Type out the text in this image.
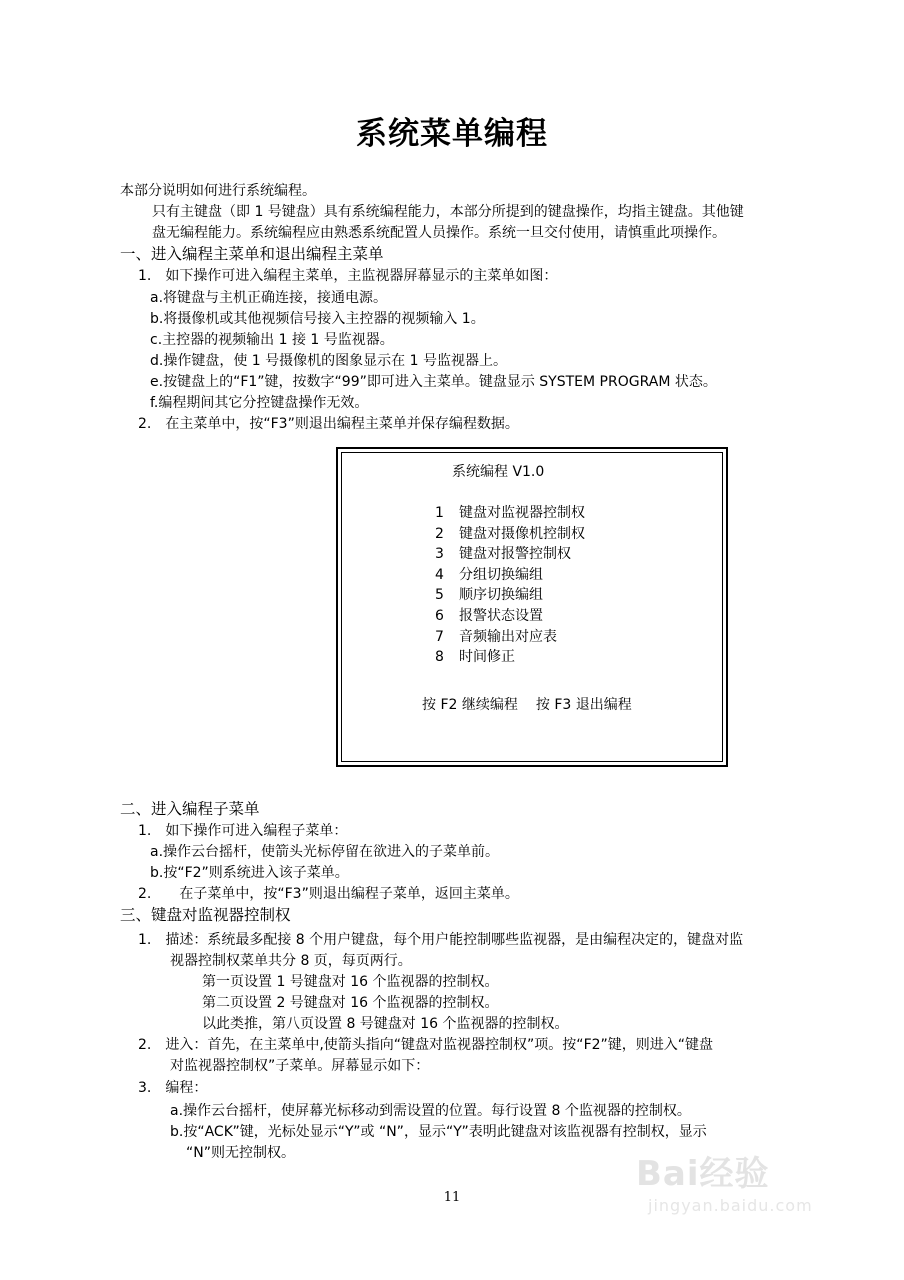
系统菜单编程
本部分说明如何进行系统编程。
只有主键盘（即 1 号键盘）具有系统编程能力，本部分所提到的键盘操作，均指主键盘。其他键
盘无编程能力。系统编程应由熟悉系统配置人员操作。系统一旦交付使用，请慎重此项操作。
一、进入编程主菜单和退出编程主菜单
1.　如下操作可进入编程主菜单，主监视器屏幕显示的主菜单如图：
a.将键盘与主机正确连接，接通电源。
b.将摄像机或其他视频信号接入主控器的视频输入 1。
c.主控器的视频输出 1 接 1 号监视器。
d.操作键盘，使 1 号摄像机的图象显示在 1 号监视器上。
e.按键盘上的“F1”键，按数字“99”即可进入主菜单。键盘显示 SYSTEM PROGRAM 状态。
f.编程期间其它分控键盘操作无效。
2.　在主菜单中，按“F3”则退出编程主菜单并保存编程数据。
系统编程 V1.0
1 键盘对监视器控制权
2 键盘对摄像机控制权
3 键盘对报警控制权
4 分组切换编组
5 顺序切换编组
6 报警状态设置
7 音频输出对应表
8 时间修正
按 F2 继续编程 按 F3 退出编程
二、进入编程子菜单
1.　如下操作可进入编程子菜单：
a.操作云台摇杆，使箭头光标停留在欲进入的子菜单前。
b.按“F2”则系统进入该子菜单。
2.　　在子菜单中，按“F3”则退出编程子菜单，返回主菜单。
三、键盘对监视器控制权
1.　描述：系统最多配接 8 个用户键盘，每个用户能控制哪些监视器，是由编程决定的，键盘对监
视器控制权菜单共分 8 页，每页两行。
第一页设置 1 号键盘对 16 个监视器的控制权。
第二页设置 2 号键盘对 16 个监视器的控制权。
以此类推，第八页设置 8 号键盘对 16 个监视器的控制权。
2.　进入：首先，在主菜单中,使箭头指向“键盘对监视器控制权”项。按“F2”键，则进入“键盘
对监视器控制权”子菜单。屏幕显示如下：
3.　编程：
a.操作云台摇杆，使屏幕光标移动到需设置的位置。每行设置 8 个监视器的控制权。
b.按“ACK”键，光标处显示“Y”或 “N”，显示“Y”表明此键盘对该监视器有控制权，显示
“N”则无控制权。
11
Bai经验
jingyan.baidu.com
